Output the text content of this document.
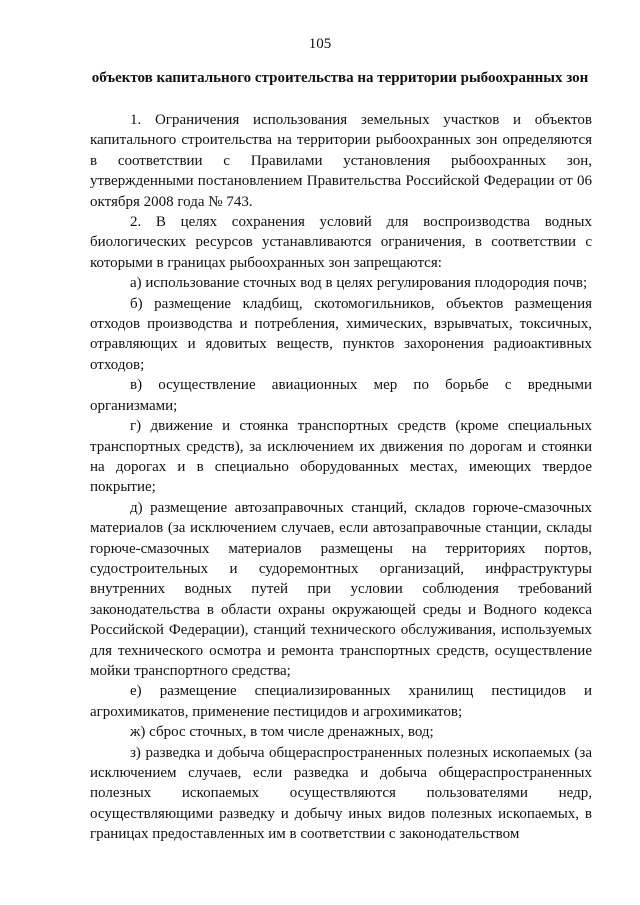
105
объектов капитального строительства на территории рыбоохранных зон

1. Ограничения использования земельных участков и объектов капитального строительства на территории рыбоохранных зон определяются в соответствии с Правилами установления рыбоохранных зон, утвержденными постановлением Правительства Российской Федерации от 06 октября 2008 года № 743.

2. В целях сохранения условий для воспроизводства водных биологических ресурсов устанавливаются ограничения, в соответствии с которыми в границах рыбоохранных зон запрещаются:

а) использование сточных вод в целях регулирования плодородия почв;

б) размещение кладбищ, скотомогильников, объектов размещения отходов производства и потребления, химических, взрывчатых, токсичных, отравляющих и ядовитых веществ, пунктов захоронения радиоактивных отходов;

в) осуществление авиационных мер по борьбе с вредными организмами;

г) движение и стоянка транспортных средств (кроме специальных транспортных средств), за исключением их движения по дорогам и стоянки на дорогах и в специально оборудованных местах, имеющих твердое покрытие;

д) размещение автозаправочных станций, складов горюче-смазочных материалов (за исключением случаев, если автозаправочные станции, склады горюче-смазочных материалов размещены на территориях портов, судостроительных и судоремонтных организаций, инфраструктуры внутренних водных путей при условии соблюдения требований законодательства в области охраны окружающей среды и Водного кодекса Российской Федерации), станций технического обслуживания, используемых для технического осмотра и ремонта транспортных средств, осуществление мойки транспортного средства;

е) размещение специализированных хранилищ пестицидов и агрохимикатов, применение пестицидов и агрохимикатов;

ж) сброс сточных, в том числе дренажных, вод;

з) разведка и добыча общераспространенных полезных ископаемых (за исключением случаев, если разведка и добыча общераспространенных полезных ископаемых осуществляются пользователями недр, осуществляющими разведку и добычу иных видов полезных ископаемых, в границах предоставленных им в соответствии с законодательством
